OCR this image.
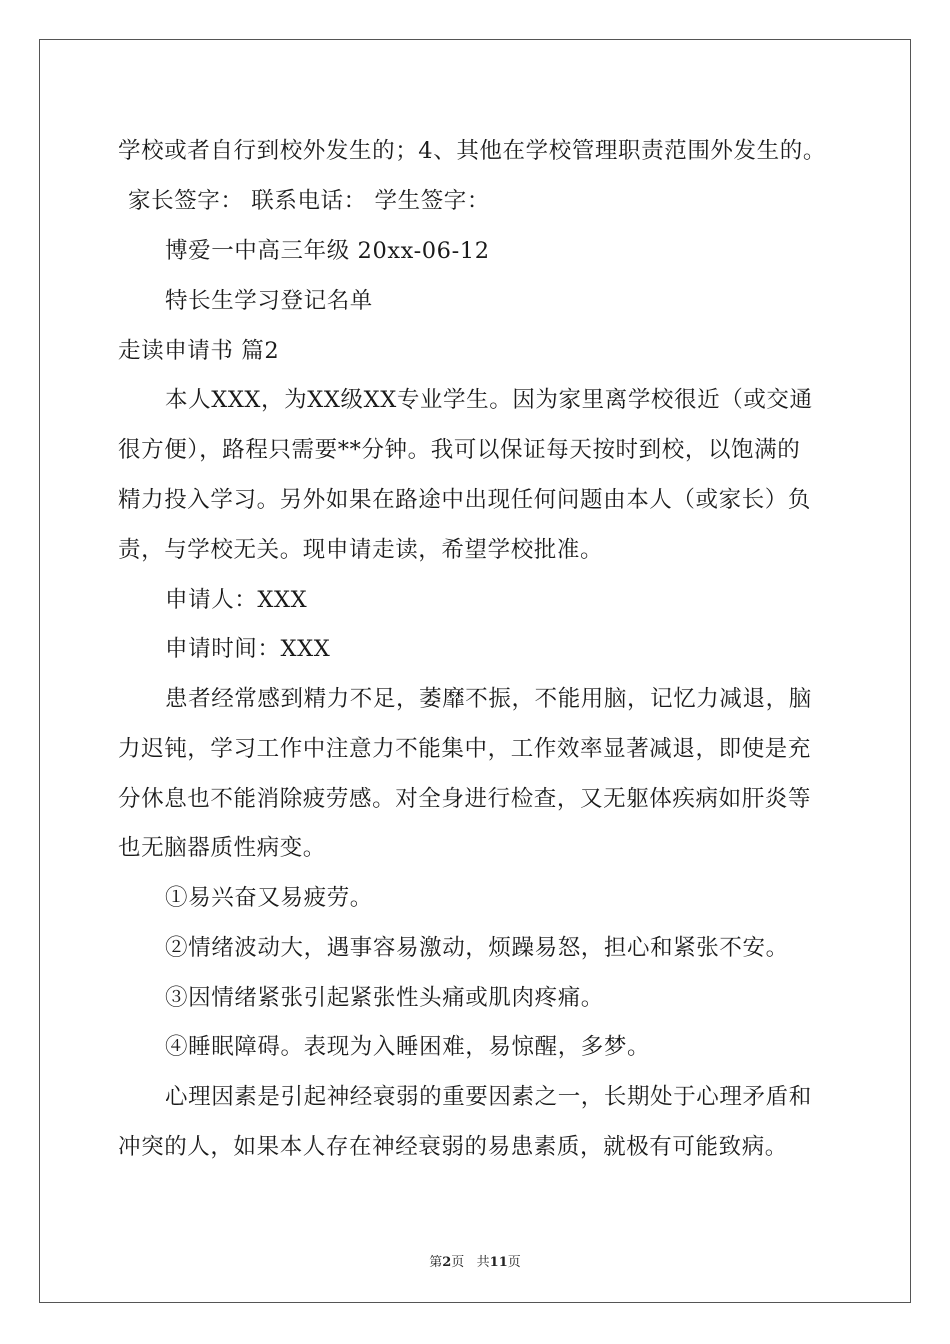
学校或者自行到校外发生的；4、其他在学校管理职责范围外发生的。
家长签字： 联系电话： 学生签字：
博爱一中高三年级 20xx-06-12
特长生学习登记名单
走读申请书 篇2
本人XXX，为XX级XX专业学生。因为家里离学校很近（或交通
很方便），路程只需要**分钟。我可以保证每天按时到校，以饱满的
精力投入学习。另外如果在路途中出现任何问题由本人（或家长）负
责，与学校无关。现申请走读，希望学校批准。
申请人：XXX
申请时间：XXX
患者经常感到精力不足，萎靡不振，不能用脑，记忆力减退，脑
力迟钝，学习工作中注意力不能集中，工作效率显著减退，即使是充
分休息也不能消除疲劳感。对全身进行检查，又无躯体疾病如肝炎等
也无脑器质性病变。
①易兴奋又易疲劳。
②情绪波动大，遇事容易激动，烦躁易怒，担心和紧张不安。
③因情绪紧张引起紧张性头痛或肌肉疼痛。
④睡眠障碍。表现为入睡困难，易惊醒，多梦。
心理因素是引起神经衰弱的重要因素之一，长期处于心理矛盾和
冲突的人，如果本人存在神经衰弱的易患素质，就极有可能致病。
第2页   共11页
